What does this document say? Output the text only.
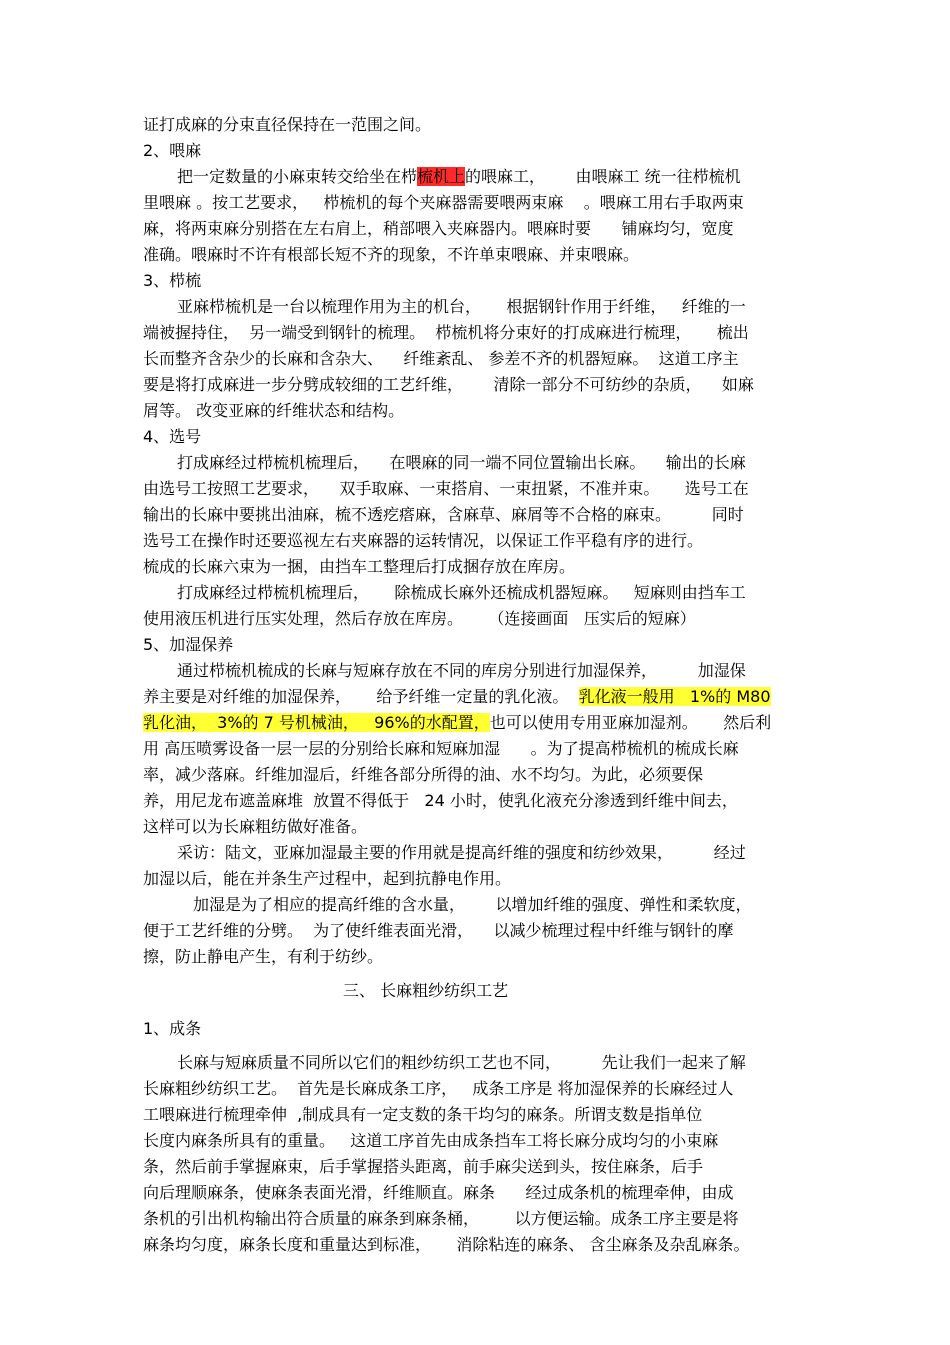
证打成麻的分束直径保持在一范围之间。
2、喂麻
把一定数量的小麻束转交给坐在栉梳机上的喂麻工，      由喂麻工 统一往栉梳机
里喂麻 。按工艺要求，   栉梳机的每个夹麻器需要喂两束麻    。喂麻工用右手取两束
麻，将两束麻分别搭在左右肩上，稍部喂入夹麻器内。喂麻时要      铺麻均匀，宽度
准确。喂麻时不许有根部长短不齐的现象，不许单束喂麻、并束喂麻。
3、栉梳
亚麻栉梳机是一台以梳理作用为主的机台，     根据钢针作用于纤维，   纤维的一
端被握持住，  另一端受到钢针的梳理。  栉梳机将分束好的打成麻进行梳理，     梳出
长而整齐含杂少的长麻和含杂大、    纤维紊乱、 参差不齐的机器短麻。  这道工序主
要是将打成麻进一步分劈成较细的工艺纤维，      清除一部分不可纺纱的杂质，    如麻
屑等。 改变亚麻的纤维状态和结构。
4、选号
打成麻经过栉梳机梳理后，    在喂麻的同一端不同位置输出长麻。    输出的长麻
由选号工按照工艺要求，    双手取麻、一束搭肩、一束扭紧，不准并束。     选号工在
输出的长麻中要挑出油麻，梳不透疙瘩麻，含麻草、麻屑等不合格的麻束。        同时
选号工在操作时还要巡视左右夹麻器的运转情况，以保证工作平稳有序的进行。
梳成的长麻六束为一捆，由挡车工整理后打成捆存放在库房。
打成麻经过栉梳机梳理后，     除梳成长麻外还梳成机器短麻。   短麻则由挡车工
使用液压机进行压实处理，然后存放在库房。     （连接画面   压实后的短麻）
5、加湿保养
通过栉梳机梳成的长麻与短麻存放在不同的库房分别进行加湿保养，        加湿保
养主要是对纤维的加湿保养，     给予纤维一定量的乳化液。  乳化液一般用   1%的 M80
乳化油，  3%的 7 号机械油，   96%的水配置，也可以使用专用亚麻加湿剂。     然后利
用 高压喷雾设备一层一层的分别给长麻和短麻加湿      。为了提高栉梳机的梳成长麻
率，减少落麻。纤维加湿后，纤维各部分所得的油、水不均匀。为此，必须要保
养，用尼龙布遮盖麻堆  放置不得低于   24 小时，使乳化液充分渗透到纤维中间去，
这样可以为长麻粗纺做好准备。
采访：陆文，亚麻加湿最主要的作用就是提高纤维的强度和纺纱效果，        经过
加湿以后，能在并条生产过程中，起到抗静电作用。
加湿是为了相应的提高纤维的含水量，      以增加纤维的强度、弹性和柔软度，
便于工艺纤维的分劈。  为了使纤维表面光滑，    以减少梳理过程中纤维与钢针的摩
擦，防止静电产生，有利于纺纱。
三、 长麻粗纱纺织工艺
1、成条
长麻与短麻质量不同所以它们的粗纱纺织工艺也不同，        先让我们一起来了解
长麻粗纱纺织工艺。  首先是长麻成条工序，   成条工序是 将加湿保养的长麻经过人
工喂麻进行梳理牵伸  ,制成具有一定支数的条干均匀的麻条。所谓支数是指单位
长度内麻条所具有的重量。   这道工序首先由成条挡车工将长麻分成均匀的小束麻
条，然后前手掌握麻束，后手掌握搭头距离，前手麻尖送到头，按住麻条，后手
向后理顺麻条，使麻条表面光滑，纤维顺直。麻条      经过成条机的梳理牵伸，由成
条机的引出机构输出符合质量的麻条到麻条桶，       以方便运输。成条工序主要是将
麻条均匀度，麻条长度和重量达到标准，     消除粘连的麻条、 含尘麻条及杂乱麻条。
